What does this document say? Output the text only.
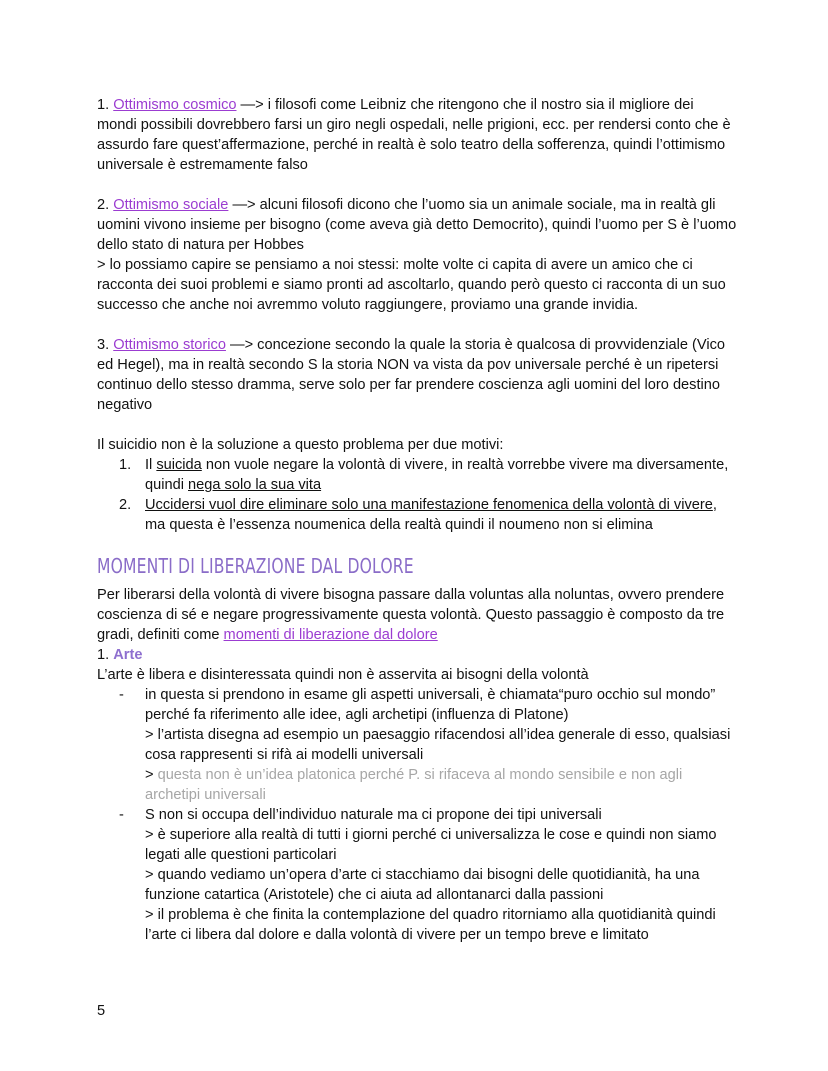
1. Ottimismo cosmico —> i filosofi come Leibniz che ritengono che il nostro sia il migliore dei mondi possibili dovrebbero farsi un giro negli ospedali, nelle prigioni, ecc. per rendersi conto che è assurdo fare quest’affermazione, perché in realtà è solo teatro della sofferenza, quindi l’ottimismo universale è estremamente falso

2. Ottimismo sociale —> alcuni filosofi dicono che l’uomo sia un animale sociale, ma in realtà gli uomini vivono insieme per bisogno (come aveva già detto Democrito), quindi l’uomo per S è l’uomo dello stato di natura per Hobbes

> lo possiamo capire se pensiamo a noi stessi: molte volte ci capita di avere un amico che ci racconta dei suoi problemi e siamo pronti ad ascoltarlo, quando però questo ci racconta di un suo successo che anche noi avremmo voluto raggiungere, proviamo una grande invidia.

3. Ottimismo storico —> concezione secondo la quale la storia è qualcosa di provvidenziale (Vico ed Hegel), ma in realtà secondo S la storia NON va vista da pov universale perché è un ripetersi continuo dello stesso dramma, serve solo per far prendere coscienza agli uomini del loro destino negativo

Il suicidio non è la soluzione a questo problema per due motivi:

1. Il suicida non vuole negare la volontà di vivere, in realtà vorrebbe vivere ma diversamente, quindi nega solo la sua vita
2. Uccidersi vuol dire eliminare solo una manifestazione fenomenica della volontà di vivere, ma questa è l’essenza noumenica della realtà quindi il noumeno non si elimina
MOMENTI DI LIBERAZIONE DAL DOLORE

Per liberarsi della volontà di vivere bisogna passare dalla voluntas alla noluntas, ovvero prendere coscienza di sé e negare progressivamente questa volontà. Questo passaggio è composto da tre gradi, definiti come momenti di liberazione dal dolore

1. Arte

L’arte è libera e disinteressata quindi non è asservita ai bisogni della volontà

- in questa si prendono in esame gli aspetti universali, è chiamata“puro occhio sul mondo” perché fa riferimento alle idee, agli archetipi (influenza di Platone)

> l’artista disegna ad esempio un paesaggio rifacendosi all’idea generale di esso, qualsiasi cosa rappresenti si rifà ai modelli universali

> questa non è un’idea platonica perché P. si rifaceva al mondo sensibile e non agli archetipi universali

- S non si occupa dell’individuo naturale ma ci propone dei tipi universali

> è superiore alla realtà di tutti i giorni perché ci universalizza le cose e quindi non siamo legati alle questioni particolari

> quando vediamo un’opera d’arte ci stacchiamo dai bisogni delle quotidianità, ha una funzione catartica (Aristotele) che ci aiuta ad allontanarci dalla passioni

> il problema è che finita la contemplazione del quadro ritorniamo alla quotidianità quindi l’arte ci libera dal dolore e dalla volontà di vivere per un tempo breve e limitato

5
